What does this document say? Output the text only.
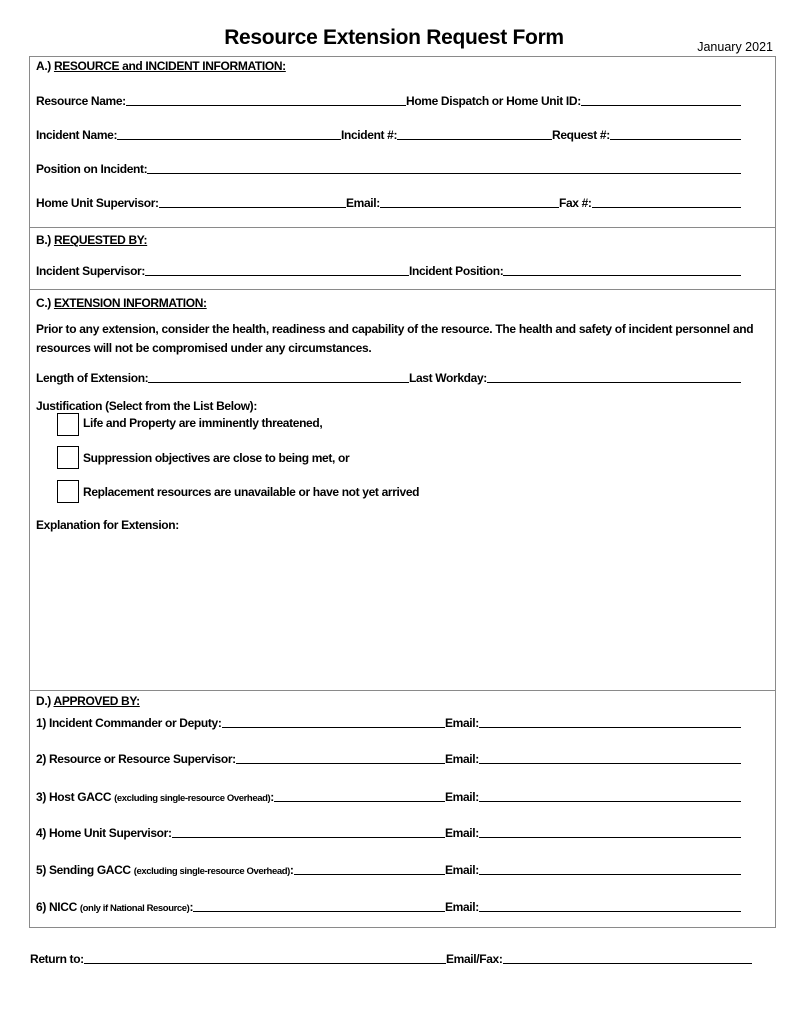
Resource Extension Request Form	January 2021
A.) RESOURCE and INCIDENT INFORMATION:
Resource Name:	Home Dispatch or Home Unit ID:
Incident Name:	Incident #:	Request #:
Position on Incident:
Home Unit Supervisor:	Email:	Fax #:
B.) REQUESTED BY:
Incident Supervisor:	Incident Position:
C.) EXTENSION INFORMATION:
Prior to any extension, consider the health, readiness and capability of the resource. The health and safety of incident personnel and resources will not be compromised under any circumstances.
Length of Extension:	Last Workday:
Justification (Select from the List Below):
Life and Property are imminently threatened,
Suppression objectives are close to being met, or
Replacement resources are unavailable or have not yet arrived
Explanation for Extension:
D.) APPROVED BY:
1) Incident Commander or Deputy:	Email:
2) Resource or Resource Supervisor:	Email:
3) Host GACC (excluding single-resource Overhead):	Email:
4) Home Unit Supervisor:	Email:
5) Sending GACC (excluding single-resource Overhead):	Email:
6) NICC (only if National Resource):	Email:
Return to:	Email/Fax:
